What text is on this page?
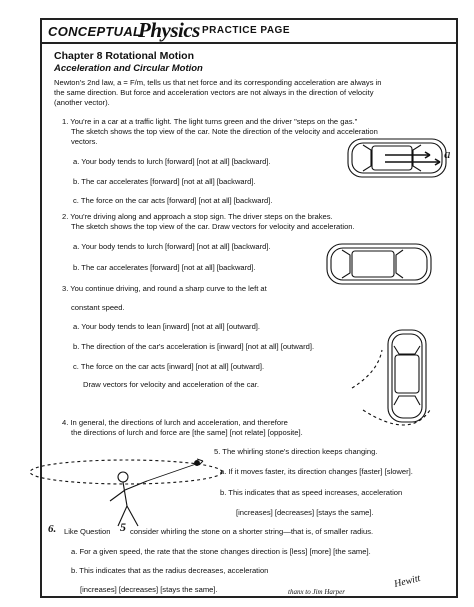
CONCEPTUAL
Physics PRACTICE PAGE
Chapter 8 Rotational Motion
Acceleration and Circular Motion
Newton's 2nd law, a = F/m, tells us that net force and its corresponding acceleration are always in
the same direction. But force and acceleration vectors are not always in the direction of velocity
(another vector).
1. You're in a car at a traffic light. The light turns green and the driver "steps on the gas."
The sketch shows the top view of the car. Note the direction of the velocity and acceleration
vectors.
a. Your body tends to lurch [forward] [not at all] [backward].
b. The car accelerates [forward] [not at all] [backward].
c. The force on the car acts [forward] [not at all] [backward].
2. You're driving along and approach a stop sign. The driver steps on the brakes.
The sketch shows the top view of the car. Draw vectors for velocity and acceleration.
a. Your body tends to lurch [forward] [not at all] [backward].
b. The car accelerates [forward] [not at all] [backward].
3. You continue driving, and round a sharp curve to the left at
constant speed.
a. Your body tends to lean [inward] [not at all] [outward].
b. The direction of the car's acceleration is [inward] [not at all] [outward].
c. The force on the car acts [inward] [not at all] [outward].
Draw vectors for velocity and acceleration of the car.
4. In general, the directions of lurch and acceleration, and therefore
the directions of lurch and force are [the same] [not relate] [opposite].
5. The whirling stone's direction keeps changing.
a. If it moves faster, its direction changes [faster] [slower].
b. This indicates that as speed increases, acceleration
[increases] [decreases] [stays the same].
6. Like Question 5 consider whirling the stone on a shorter string—that is, of smaller radius.
a. For a given speed, the rate that the stone changes direction is [less] [more] [the same].
b. This indicates that as the radius decreases, acceleration
[increases] [decreases] [stays the same].	thanx to Jim Harper
Hewitt
a
